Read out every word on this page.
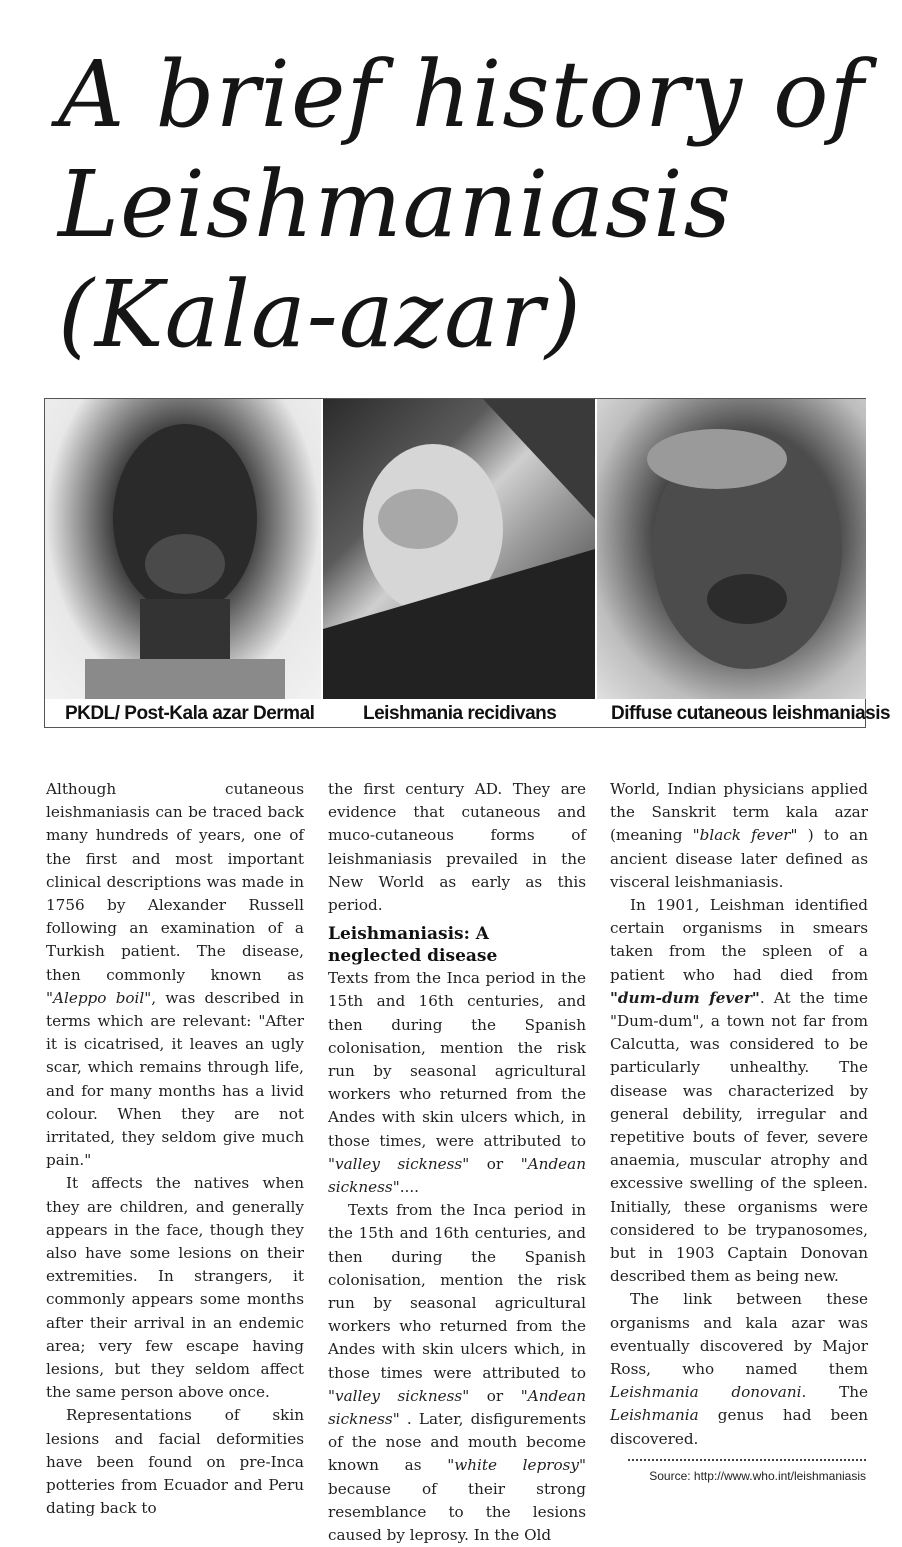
A brief history of
Leishmaniasis
(Kala-azar)
PKDL/ Post-Kala azar Dermal	Leishmania recidivans	Diffuse cutaneous leishmaniasis

Although cutaneous leishmaniasis can be traced back many hundreds of years, one of the first and most important clinical descriptions was made in 1756 by Alexander Russell following an examination of a Turkish patient. The disease, then commonly known as "Aleppo boil", was described in terms which are relevant: "After it is cicatrised, it leaves an ugly scar, which remains through life, and for many months has a livid colour. When they are not irritated, they seldom give much pain."

It affects the natives when they are children, and generally appears in the face, though they also have some lesions on their extremities. In strangers, it commonly appears some months after their arrival in an endemic area; very few escape having lesions, but they seldom affect the same person above once.

Representations of skin lesions and facial deformities have been found on pre-Inca potteries from Ecuador and Peru dating back to

the first century AD. They are evidence that cutaneous and muco-cutaneous forms of leishmaniasis prevailed in the New World as early as this period.

Leishmaniasis: A neglected disease

Texts from the Inca period in the 15th and 16th centuries, and then during the Spanish colonisation, mention the risk run by seasonal agricultural workers who returned from the Andes with skin ulcers which, in those times, were attributed to "valley sickness" or "Andean sickness"....

Texts from the Inca period in the 15th and 16th centuries, and then during the Spanish colonisation, mention the risk run by seasonal agricultural workers who returned from the Andes with skin ulcers which, in those times were attributed to "valley sickness" or "Andean sickness" . Later, disfigurements of the nose and mouth become known as "white leprosy" because of their strong resemblance to the lesions caused by leprosy. In the Old

World, Indian physicians applied the Sanskrit term kala azar (meaning "black fever" ) to an ancient disease later defined as visceral leishmaniasis.

In 1901, Leishman identified certain organisms in smears taken from the spleen of a patient who had died from "dum-dum fever". At the time "Dum-dum", a town not far from Calcutta, was considered to be particularly unhealthy. The disease was characterized by general debility, irregular and repetitive bouts of fever, severe anaemia, muscular atrophy and excessive swelling of the spleen. Initially, these organisms were considered to be trypanosomes, but in 1903 Captain Donovan described them as being new.

The link between these organisms and kala azar was eventually discovered by Major Ross, who named them Leishmania donovani. The Leishmania genus had been discovered.

Source: http://www.who.int/leishmaniasis
